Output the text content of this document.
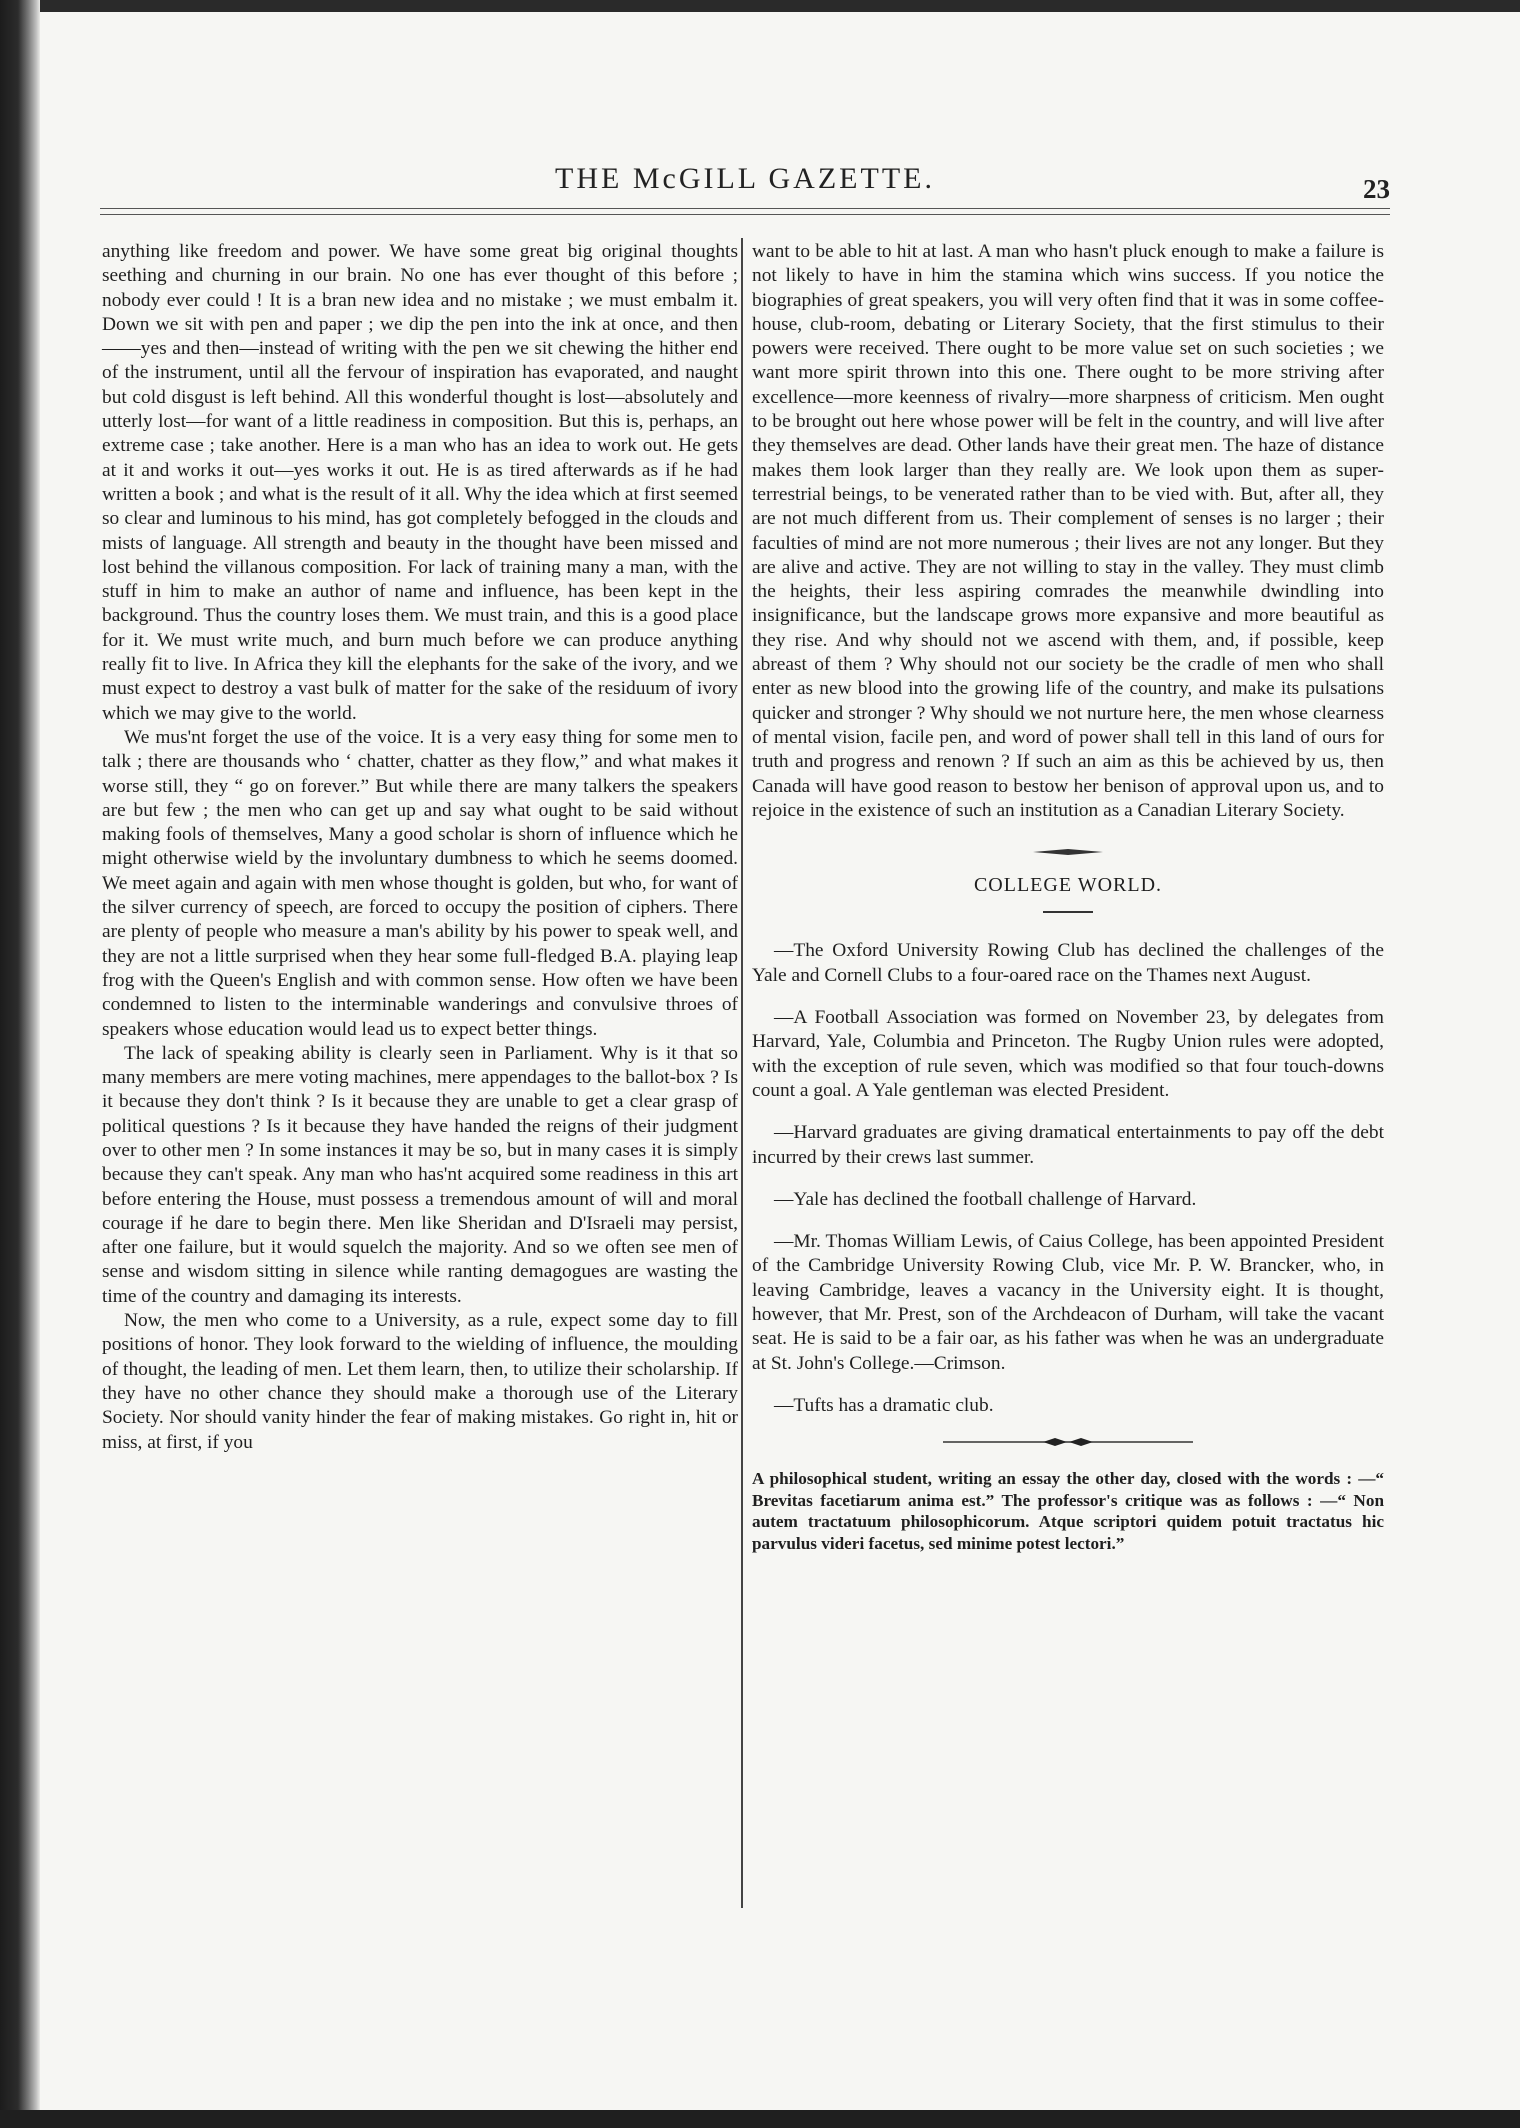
THE McGILL GAZETTE.	23

anything like freedom and power. We have some great big original thoughts seething and churning in our brain. No one has ever thought of this before ; nobody ever could ! It is a bran new idea and no mistake ; we must embalm it. Down we sit with pen and paper ; we dip the pen into the ink at once, and then——yes and then—instead of writing with the pen we sit chewing the hither end of the instrument, until all the fervour of inspiration has evaporated, and naught but cold disgust is left behind. All this wonderful thought is lost—absolutely and utterly lost—for want of a little readiness in composition. But this is, perhaps, an extreme case ; take another. Here is a man who has an idea to work out. He gets at it and works it out—yes works it out. He is as tired afterwards as if he had written a book ; and what is the result of it all. Why the idea which at first seemed so clear and luminous to his mind, has got completely befogged in the clouds and mists of language. All strength and beauty in the thought have been missed and lost behind the villanous composition. For lack of training many a man, with the stuff in him to make an author of name and influence, has been kept in the background. Thus the country loses them. We must train, and this is a good place for it. We must write much, and burn much before we can produce anything really fit to live. In Africa they kill the elephants for the sake of the ivory, and we must expect to destroy a vast bulk of matter for the sake of the residuum of ivory which we may give to the world.

We mus'nt forget the use of the voice. It is a very easy thing for some men to talk ; there are thousands who ‘ chatter, chatter as they flow,” and what makes it worse still, they “ go on forever.” But while there are many talkers the speakers are but few ; the men who can get up and say what ought to be said without making fools of themselves, Many a good scholar is shorn of influence which he might otherwise wield by the involuntary dumbness to which he seems doomed. We meet again and again with men whose thought is golden, but who, for want of the silver currency of speech, are forced to occupy the position of ciphers. There are plenty of people who measure a man's ability by his power to speak well, and they are not a little surprised when they hear some full-fledged B.A. playing leap frog with the Queen's English and with common sense. How often we have been condemned to listen to the interminable wanderings and convulsive throes of speakers whose education would lead us to expect better things.

The lack of speaking ability is clearly seen in Parliament. Why is it that so many members are mere voting machines, mere appendages to the ballot-box ? Is it because they don't think ? Is it because they are unable to get a clear grasp of political questions ? Is it because they have handed the reigns of their judgment over to other men ? In some instances it may be so, but in many cases it is simply because they can't speak. Any man who has'nt acquired some readiness in this art before entering the House, must possess a tremendous amount of will and moral courage if he dare to begin there. Men like Sheridan and D'Israeli may persist, after one failure, but it would squelch the majority. And so we often see men of sense and wisdom sitting in silence while ranting demagogues are wasting the time of the country and damaging its interests.

Now, the men who come to a University, as a rule, expect some day to fill positions of honor. They look forward to the wielding of influence, the moulding of thought, the leading of men. Let them learn, then, to utilize their scholarship. If they have no other chance they should make a thorough use of the Literary Society. Nor should vanity hinder the fear of making mistakes. Go right in, hit or miss, at first, if you

want to be able to hit at last. A man who hasn't pluck enough to make a failure is not likely to have in him the stamina which wins success. If you notice the biographies of great speakers, you will very often find that it was in some coffee-house, club-room, debating or Literary Society, that the first stimulus to their powers were received. There ought to be more value set on such societies ; we want more spirit thrown into this one. There ought to be more striving after excellence—more keenness of rivalry—more sharpness of criticism. Men ought to be brought out here whose power will be felt in the country, and will live after they themselves are dead. Other lands have their great men. The haze of distance makes them look larger than they really are. We look upon them as super-terrestrial beings, to be venerated rather than to be vied with. But, after all, they are not much different from us. Their complement of senses is no larger ; their faculties of mind are not more numerous ; their lives are not any longer. But they are alive and active. They are not willing to stay in the valley. They must climb the heights, their less aspiring comrades the meanwhile dwindling into insignificance, but the landscape grows more expansive and more beautiful as they rise. And why should not we ascend with them, and, if possible, keep abreast of them ? Why should not our society be the cradle of men who shall enter as new blood into the growing life of the country, and make its pulsations quicker and stronger ? Why should we not nurture here, the men whose clearness of mental vision, facile pen, and word of power shall tell in this land of ours for truth and progress and renown ? If such an aim as this be achieved by us, then Canada will have good reason to bestow her benison of approval upon us, and to rejoice in the existence of such an institution as a Canadian Literary Society.

COLLEGE WORLD.

—The Oxford University Rowing Club has declined the challenges of the Yale and Cornell Clubs to a four-oared race on the Thames next August.

—A Football Association was formed on November 23, by delegates from Harvard, Yale, Columbia and Princeton. The Rugby Union rules were adopted, with the exception of rule seven, which was modified so that four touch-downs count a goal. A Yale gentleman was elected President.

—Harvard graduates are giving dramatical entertainments to pay off the debt incurred by their crews last summer.

—Yale has declined the football challenge of Harvard.

—Mr. Thomas William Lewis, of Caius College, has been appointed President of the Cambridge University Rowing Club, vice Mr. P. W. Brancker, who, in leaving Cambridge, leaves a vacancy in the University eight. It is thought, however, that Mr. Prest, son of the Archdeacon of Durham, will take the vacant seat. He is said to be a fair oar, as his father was when he was an undergraduate at St. John's College.—Crimson.

—Tufts has a dramatic club.

A philosophical student, writing an essay the other day, closed with the words : —“ Brevitas facetiarum anima est.” The professor's critique was as follows : —“ Non autem tractatuum philosophicorum. Atque scriptori quidem potuit tractatus hic parvulus videri facetus, sed minime potest lectori.”
